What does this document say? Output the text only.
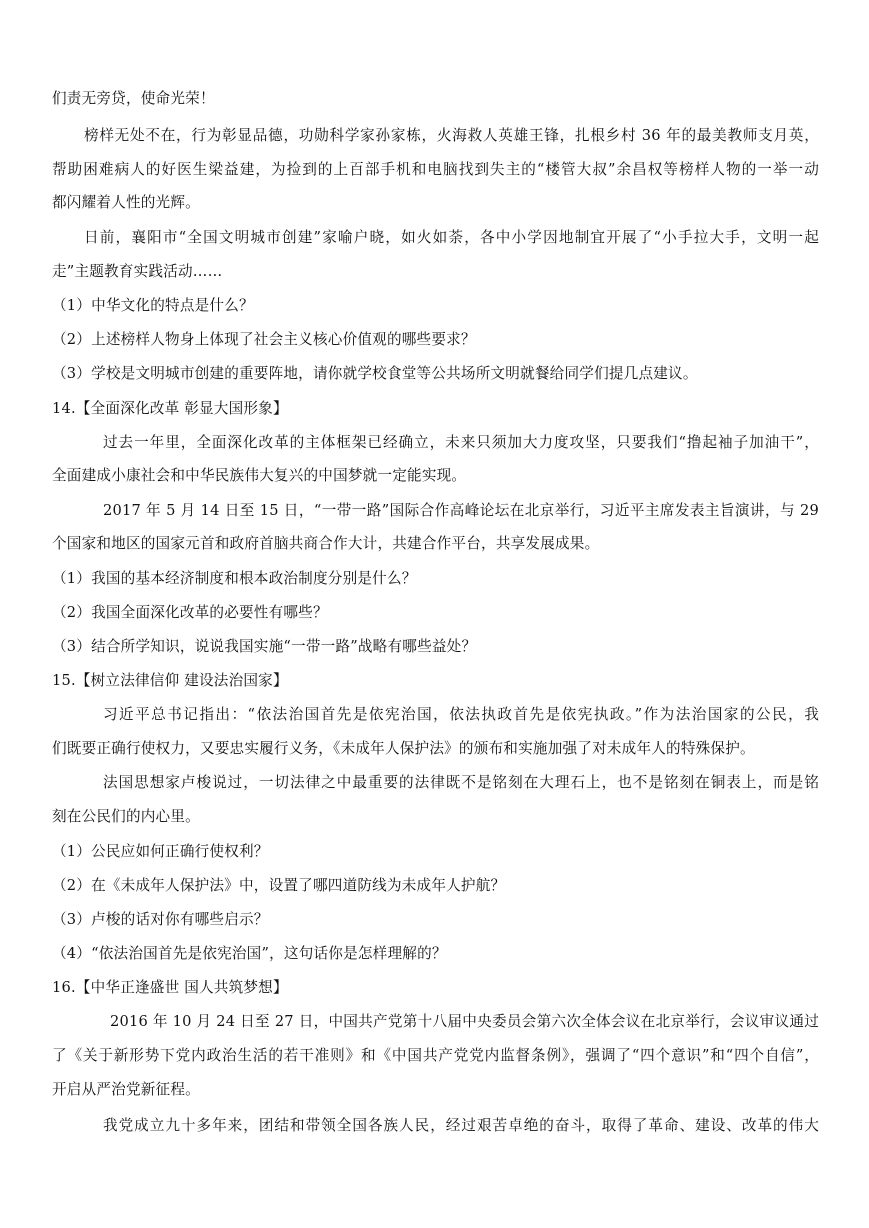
们责无旁贷，使命光荣！
榜样无处不在，行为彰显品德，功勋科学家孙家栋，火海救人英雄王锋，扎根乡村 36 年的最美教师支月英，
帮助困难病人的好医生梁益建，为捡到的上百部手机和电脑找到失主的“楼管大叔”余昌权等榜样人物的一举一动
都闪耀着人性的光辉。
日前，襄阳市“全国文明城市创建”家喻户晓，如火如荼，各中小学因地制宜开展了“小手拉大手，文明一起
走”主题教育实践活动……
（1）中华文化的特点是什么？
（2）上述榜样人物身上体现了社会主义核心价值观的哪些要求？
（3）学校是文明城市创建的重要阵地，请你就学校食堂等公共场所文明就餐给同学们提几点建议。
14.【全面深化改革 彰显大国形象】
过去一年里，全面深化改革的主体框架已经确立，未来只须加大力度攻坚，只要我们“撸起袖子加油干”，
全面建成小康社会和中华民族伟大复兴的中国梦就一定能实现。
2017 年 5 月 14 日至 15 日，“一带一路”国际合作高峰论坛在北京举行，习近平主席发表主旨演讲，与 29
个国家和地区的国家元首和政府首脑共商合作大计，共建合作平台，共享发展成果。
（1）我国的基本经济制度和根本政治制度分别是什么？
（2）我国全面深化改革的必要性有哪些？
（3）结合所学知识，说说我国实施“一带一路”战略有哪些益处？
15.【树立法律信仰 建设法治国家】
习近平总书记指出：“依法治国首先是依宪治国，依法执政首先是依宪执政。”作为法治国家的公民，我
们既要正确行使权力，又要忠实履行义务，《未成年人保护法》的颁布和实施加强了对未成年人的特殊保护。
法国思想家卢梭说过，一切法律之中最重要的法律既不是铭刻在大理石上，也不是铭刻在铜表上，而是铭
刻在公民们的内心里。
（1）公民应如何正确行使权利？
（2）在《未成年人保护法》中，设置了哪四道防线为未成年人护航？
（3）卢梭的话对你有哪些启示？
（4）“依法治国首先是依宪治国”，这句话你是怎样理解的？
16.【中华正逢盛世 国人共筑梦想】
2016 年 10 月 24 日至 27 日，中国共产党第十八届中央委员会第六次全体会议在北京举行，会议审议通过
了《关于新形势下党内政治生活的若干准则》和《中国共产党党内监督条例》，强调了“四个意识”和“四个自信”，
开启从严治党新征程。
我党成立九十多年来，团结和带领全国各族人民，经过艰苦卓绝的奋斗，取得了革命、建设、改革的伟大
